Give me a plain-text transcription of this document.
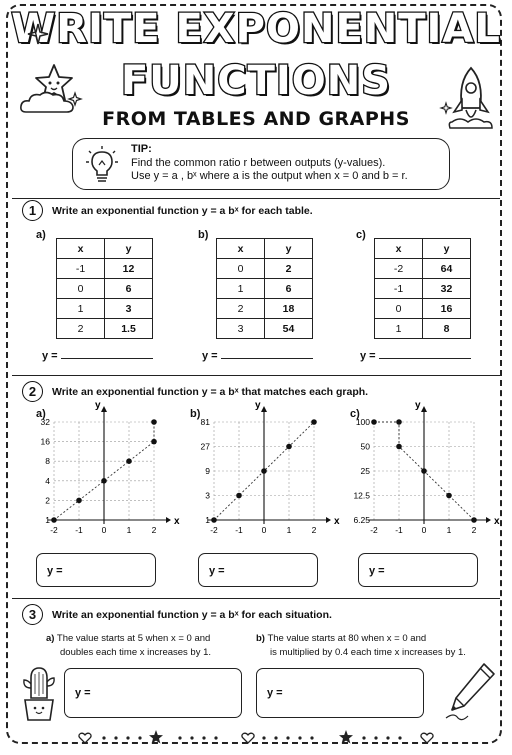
WRITE EXPONENTIAL
FUNCTIONS
FROM TABLES AND GRAPHS
TIP:
Find the common ratio r between outputs (y-values).
Use y = a , bˣ where a is the output when x = 0 and b = r.
1	Write an exponential function y = a bˣ for each table.
a)
x	y
-1	12
0	6
1	3
2	1.5
b)
x	y
0	2
1	6
2	18
3	54
c)
x	y
-2	64
-1	32
0	16
1	8
y =	y =	y =
2	Write an exponential function y = a bˣ that matches each graph.
a)	b)	c)
x
y
-2 -1 0 1 2
1
2
4
8
16
32
x
y
-2 -1 0 1 2
1
3
9
27
81
x
y
-2 -1 0 1 2
100
50
25
12.5
6.25
y =	y =	y =
3	Write an exponential function y = a bˣ for each situation.
a) The value starts at 5 when x = 0 and
doubles each time x increases by 1.
b) The value starts at 80 when x = 0 and
is multiplied by 0.4 each time x increases by 1.
y =	y =
